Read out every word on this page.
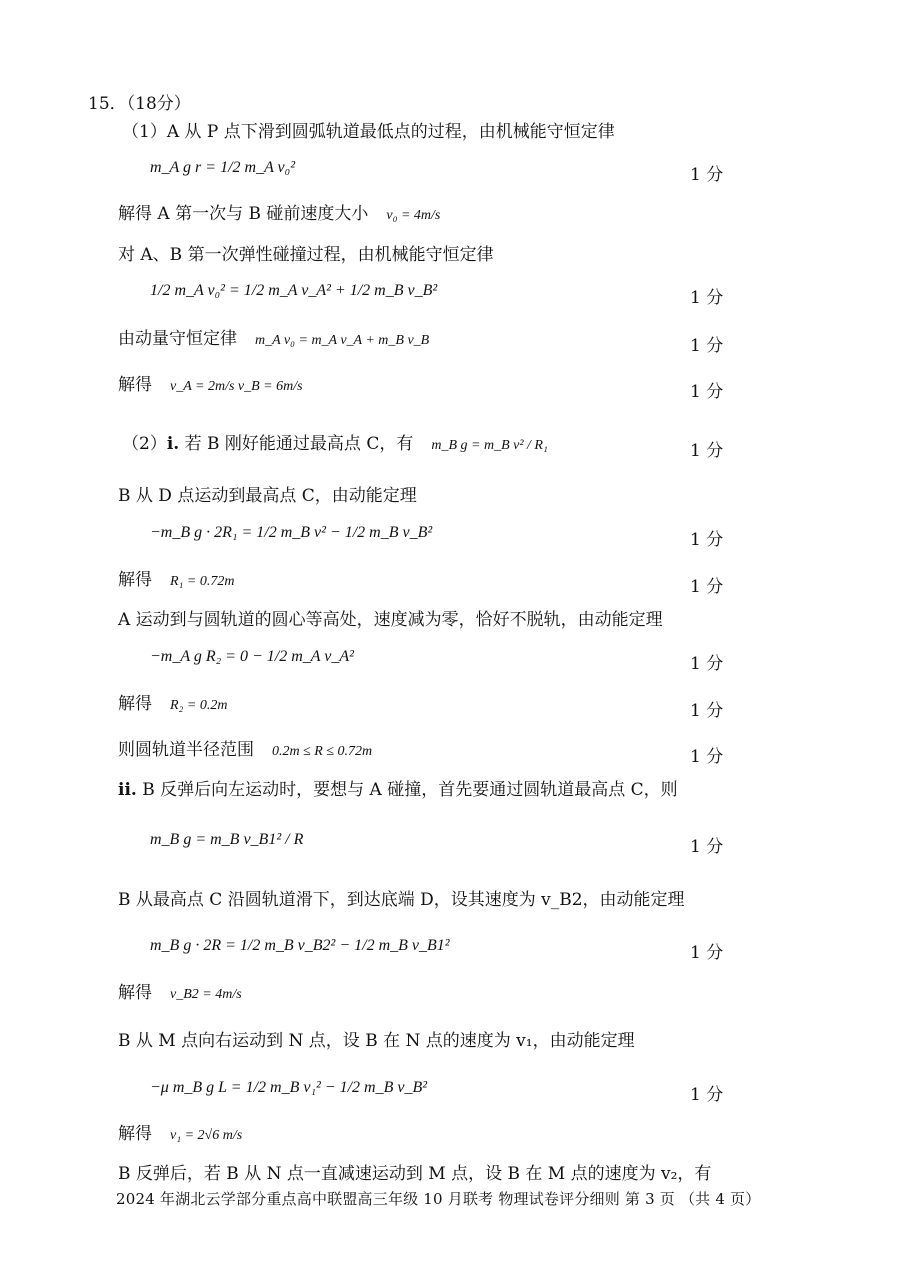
15．（18分）
（1）A 从 P 点下滑到圆弧轨道最低点的过程，由机械能守恒定律
m_A g r = 1/2 m_A v₀²	1 分
解得 A 第一次与 B 碰前速度大小 v₀ = 4m/s
对 A、B 第一次弹性碰撞过程，由机械能守恒定律
1/2 m_A v₀² = 1/2 m_A v_A² + 1/2 m_B v_B²	1 分
由动量守恒定律 m_A v₀ = m_A v_A + m_B v_B	1 分
解得 v_A = 2m/s v_B = 6m/s	1 分
（2）i. 若 B 刚好能通过最高点 C，有 m_B g = m_B v² / R₁	1 分
B 从 D 点运动到最高点 C，由动能定理
−m_B g · 2R₁ = 1/2 m_B v² − 1/2 m_B v_B²	1 分
解得 R₁ = 0.72m	1 分
A 运动到与圆轨道的圆心等高处，速度减为零，恰好不脱轨，由动能定理
−m_A g R₂ = 0 − 1/2 m_A v_A²	1 分
解得 R₂ = 0.2m	1 分
则圆轨道半径范围 0.2m ≤ R ≤ 0.72m	1 分
ii. B 反弹后向左运动时，要想与 A 碰撞，首先要通过圆轨道最高点 C，则
m_B g = m_B v_B1² / R	1 分
B 从最高点 C 沿圆轨道滑下，到达底端 D，设其速度为 v_B2，由动能定理
m_B g · 2R = 1/2 m_B v_B2² − 1/2 m_B v_B1²	1 分
解得 v_B2 = 4m/s
B 从 M 点向右运动到 N 点，设 B 在 N 点的速度为 v₁，由动能定理
−μ m_B g L = 1/2 m_B v₁² − 1/2 m_B v_B²	1 分
解得 v₁ = 2√6 m/s
B 反弹后，若 B 从 N 点一直减速运动到 M 点，设 B 在 M 点的速度为 v₂，有
2024 年湖北云学部分重点高中联盟高三年级 10 月联考 物理试卷评分细则 第 3 页 （共 4 页）
